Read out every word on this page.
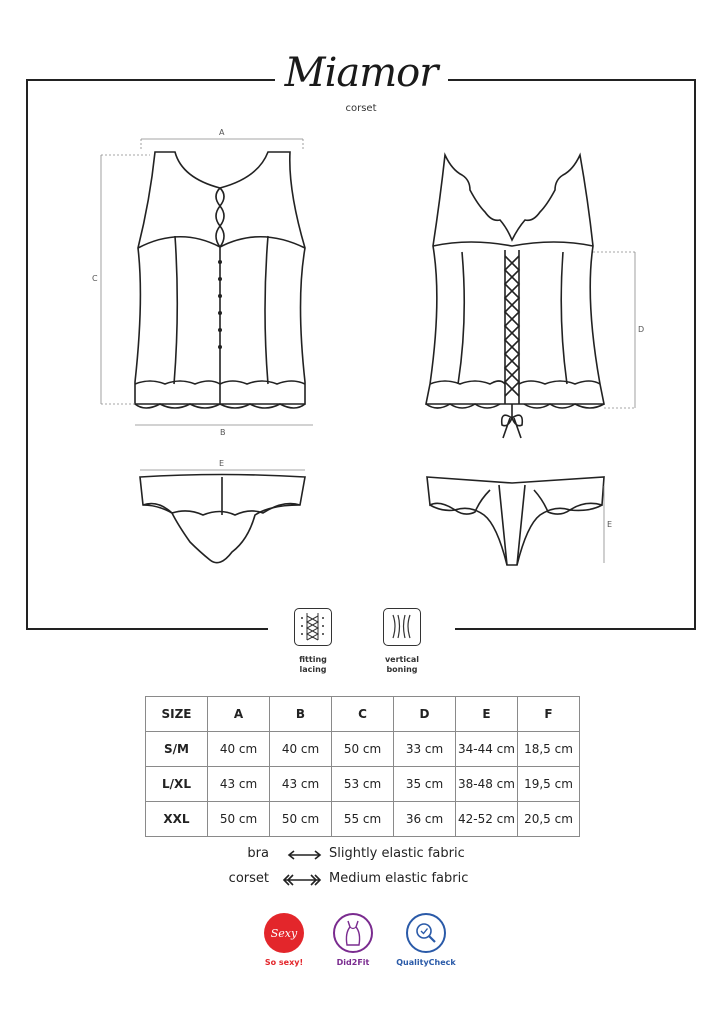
Miamor
corset
A
B
C
D
E
E
fitting
lacing
vertical
boning
SIZE	A	B	C	D	E	F
S/M	40 cm	40 cm	50 cm	33 cm	34-44 cm	18,5 cm
L/XL	43 cm	43 cm	53 cm	35 cm	38-48 cm	19,5 cm
XXL	50 cm	50 cm	55 cm	36 cm	42-52 cm	20,5 cm
bra	Slightly elastic fabric
corset	Medium elastic fabric
Sexy
So sexy!	Did2Fit	QualityCheck
